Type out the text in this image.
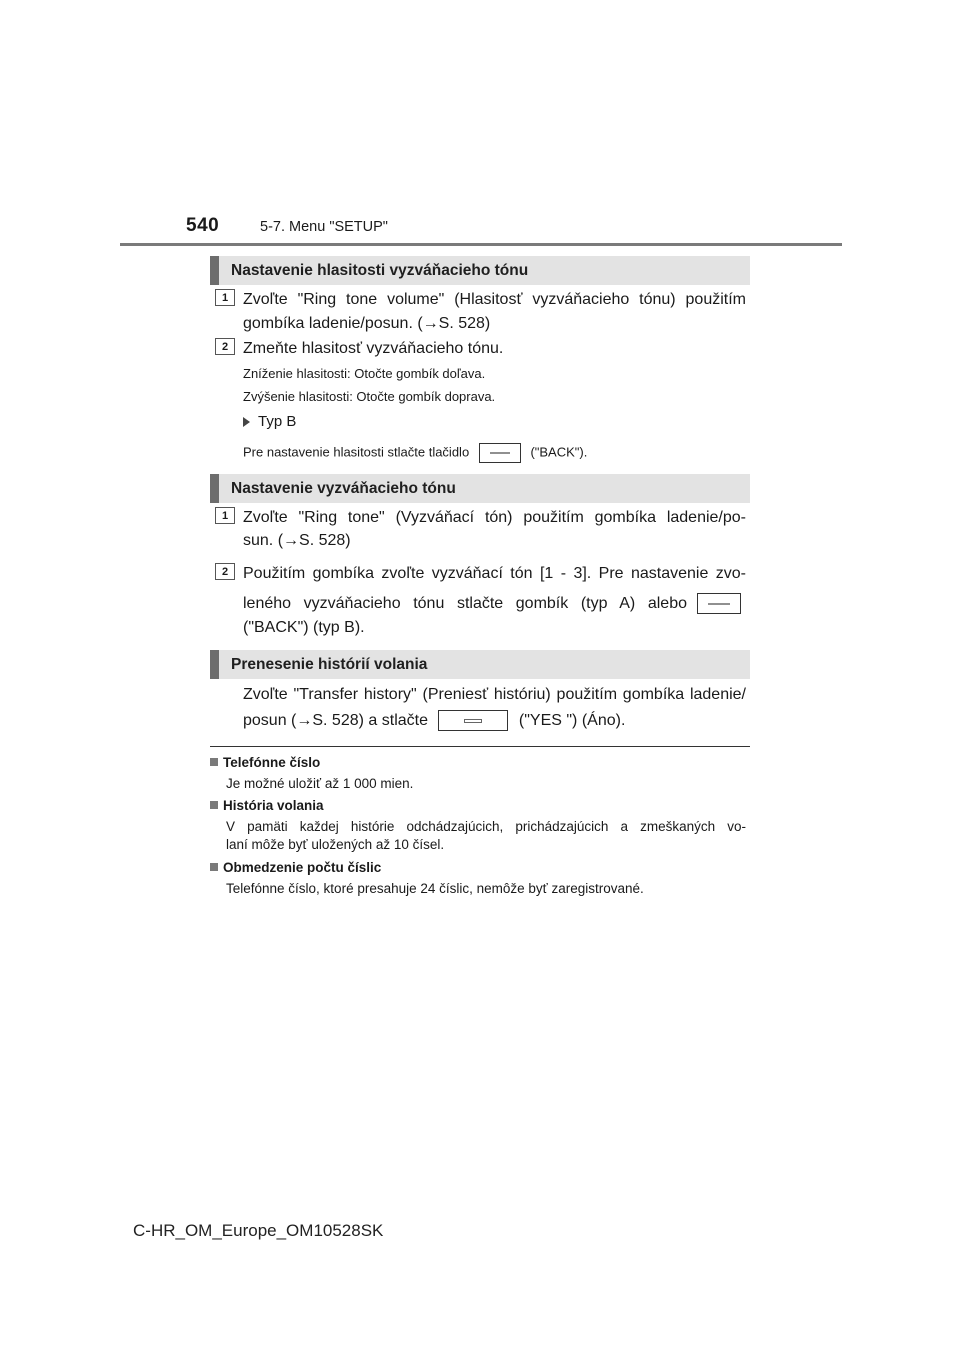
540	5-7. Menu "SETUP"
Nastavenie hlasitosti vyzváňacieho tónu
1 Zvoľte "Ring tone volume" (Hlasitosť vyzváňacieho tónu) použitím
gombíka ladenie/posun. (→S. 528)
2 Zmeňte hlasitosť vyzváňacieho tónu.
Zníženie hlasitosti: Otočte gombík doľava.
Zvýšenie hlasitosti: Otočte gombík doprava.
Typ B
Pre nastavenie hlasitosti stlačte tlačidlo	("BACK").
Nastavenie vyzváňacieho tónu
1 Zvoľte "Ring tone" (Vyzváňací tón) použitím gombíka ladenie/po-
sun. (→S. 528)
2 Použitím gombíka zvoľte vyzváňací tón [1 - 3]. Pre nastavenie zvo-
leného vyzváňacieho tónu stlačte gombík (typ A) alebo
("BACK") (typ B).
Prenesenie histórií volania
Zvoľte "Transfer history" (Preniesť históriu) použitím gombíka ladenie/
posun (→S. 528) a stlačte	("YES ") (Áno).
Telefónne číslo
Je možné uložiť až 1 000 mien.
História volania
V pamäti každej histórie odchádzajúcich, prichádzajúcich a zmeškaných vo-
laní môže byť uložených až 10 čísel.
Obmedzenie počtu číslic
Telefónne číslo, ktoré presahuje 24 číslic, nemôže byť zaregistrované.
C-HR_OM_Europe_OM10528SK
